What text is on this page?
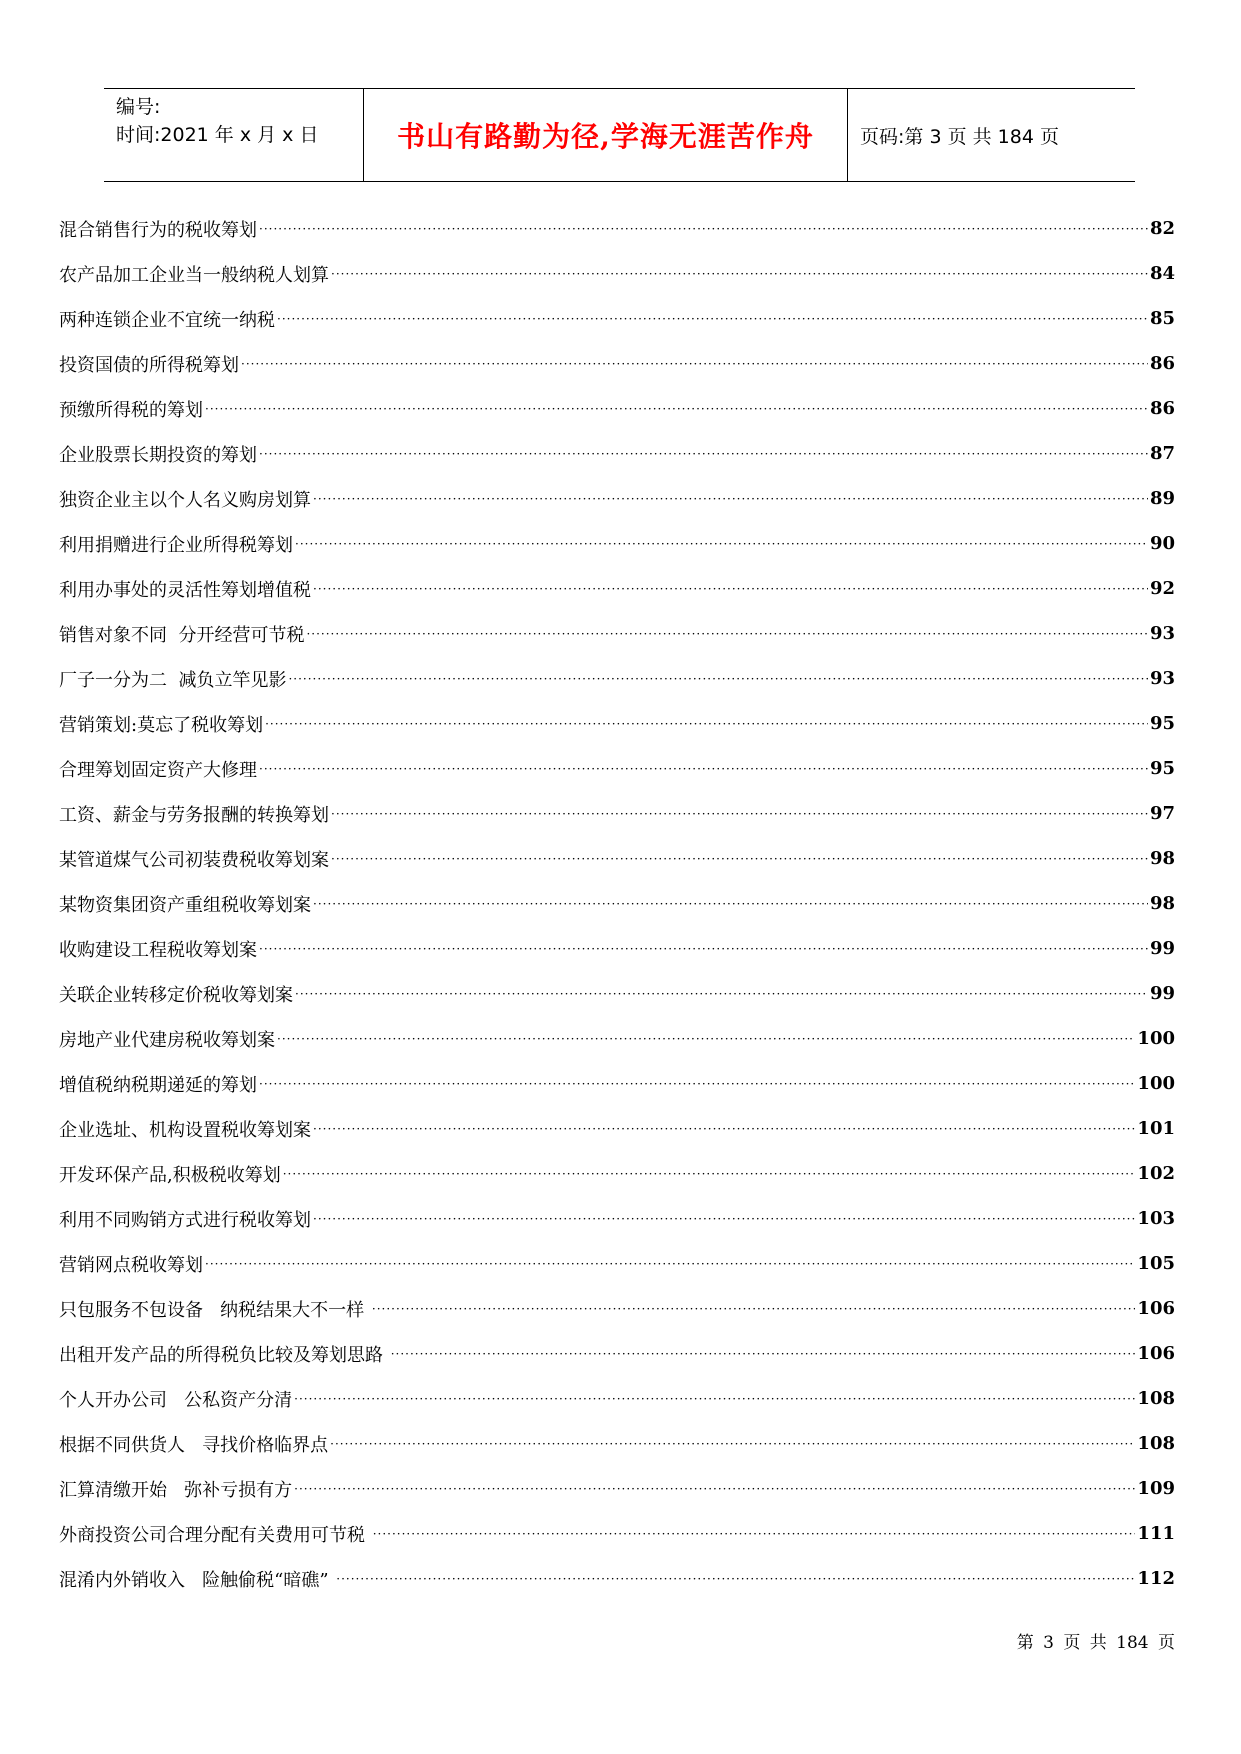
编号:
时间:2021 年 x 月 x 日	书山有路勤为径,学海无涯苦作舟	页码:第 3 页 共 184 页
混合销售行为的税收筹划 ·····	82
农产品加工企业当一般纳税人划算 ·····	84
两种连锁企业不宜统一纳税 ·····	85
投资国债的所得税筹划 ·····	86
预缴所得税的筹划 ·····	86
企业股票长期投资的筹划 ·····	87
独资企业主以个人名义购房划算 ·····	89
利用捐赠进行企业所得税筹划 ·····	90
利用办事处的灵活性筹划增值税 ·····	92
销售对象不同  分开经营可节税 ·····	93
厂子一分为二  减负立竿见影 ·····	93
营销策划:莫忘了税收筹划 ·····	95
合理筹划固定资产大修理 ·····	95
工资、薪金与劳务报酬的转换筹划 ·····	97
某管道煤气公司初装费税收筹划案 ·····	98
某物资集团资产重组税收筹划案 ·····	98
收购建设工程税收筹划案 ·····	99
关联企业转移定价税收筹划案 ·····	99
房地产业代建房税收筹划案 ·····	100
增值税纳税期递延的筹划 ·····	100
企业选址、机构设置税收筹划案 ·····	101
开发环保产品,积极税收筹划 ·····	102
利用不同购销方式进行税收筹划 ·····	103
营销网点税收筹划 ·····	105
只包服务不包设备   纳税结果大不一样 ·····	106
出租开发产品的所得税负比较及筹划思路 ·····	106
个人开办公司   公私资产分清 ·····	108
根据不同供货人   寻找价格临界点 ·····	108
汇算清缴开始   弥补亏损有方 ·····	109
外商投资公司合理分配有关费用可节税 ·····	111
混淆内外销收入   险触偷税“暗礁” ·····	112
第 3 页 共 184 页
